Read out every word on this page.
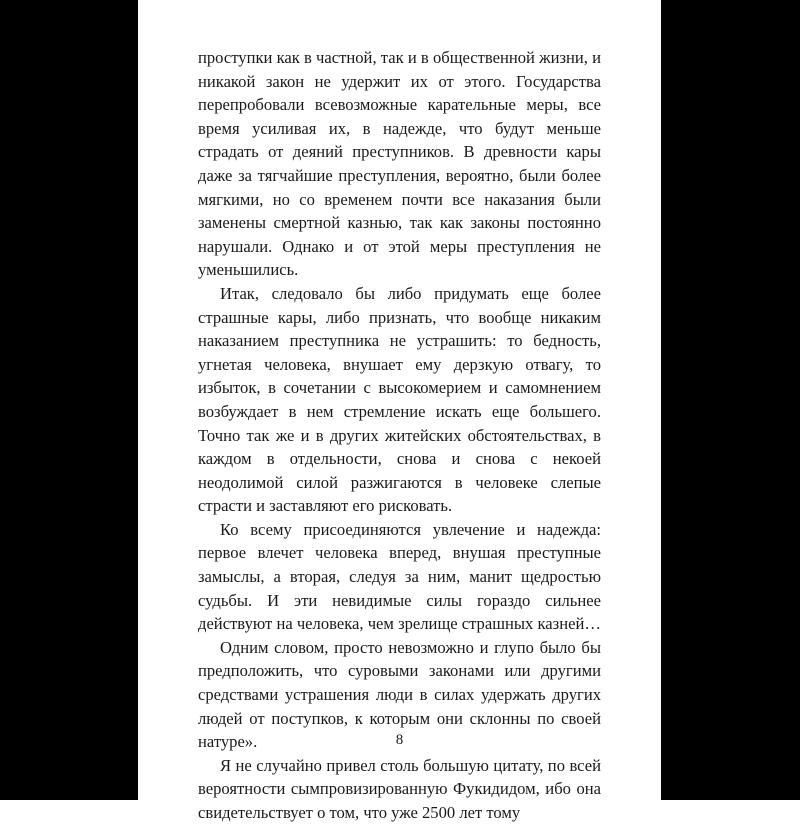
проступки как в частной, так и в общественной жизни, и никакой закон не удержит их от этого. Государства перепробовали всевозможные карательные меры, все время усиливая их, в надежде, что будут меньше страдать от деяний преступников. В древности кары даже за тягчайшие преступления, вероятно, были более мягкими, но со временем почти все наказания были заменены смертной казнью, так как законы постоянно нарушали. Однако и от этой меры преступления не уменьшились.

Итак, следовало бы либо придумать еще более страшные кары, либо признать, что вообще никаким наказанием преступника не устрашить: то бедность, угнетая человека, внушает ему дерзкую отвагу, то избыток, в сочетании с высокомерием и самомнением возбуждает в нем стремление искать еще большего. Точно так же и в других житейских обстоятельствах, в каждом в отдельности, снова и снова с некоей неодолимой силой разжигаются в человеке слепые страсти и заставляют его рисковать.

Ко всему присоединяются увлечение и надежда: первое влечет человека вперед, внушая преступные замыслы, а вторая, следуя за ним, манит щедростью судьбы. И эти невидимые силы гораздо сильнее действуют на человека, чем зрелище страшных казней…

Одним словом, просто невозможно и глупо было бы предположить, что суровыми законами или другими средствами устрашения люди в силах удержать других людей от поступков, к которым они склонны по своей натуре».

Я не случайно привел столь большую цитату, по всей вероятности сымпровизированную Фукидидом, ибо она свидетельствует о том, что уже 2500 лет тому

8
